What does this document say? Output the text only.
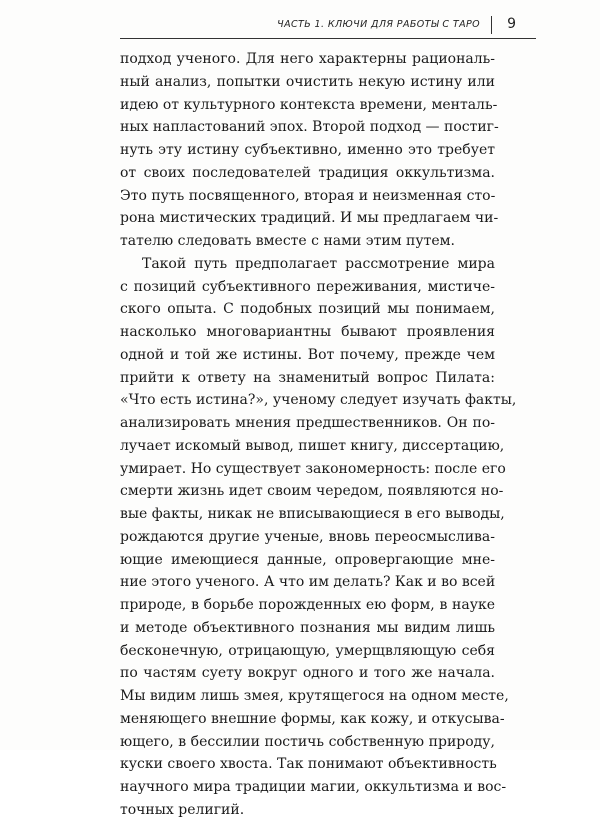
ЧАСТЬ 1. КЛЮЧИ ДЛЯ РАБОТЫ С ТАРО 9
подход ученого. Для него характерны рациональ-
ный анализ, попытки очистить некую истину или
идею от культурного контекста времени, менталь-
ных напластований эпох. Второй подход — постиг-
нуть эту истину субъективно, именно это требует
от своих последователей традиция оккультизма.
Это путь посвященного, вторая и неизменная сто-
рона мистических традиций. И мы предлагаем чи-
тателю следовать вместе с нами этим путем.
Такой путь предполагает рассмотрение мира
с позиций субъективного переживания, мистиче-
ского опыта. С подобных позиций мы понимаем,
насколько многовариантны бывают проявления
одной и той же истины. Вот почему, прежде чем
прийти к ответу на знаменитый вопрос Пилата:
«Что есть истина?», ученому следует изучать факты,
анализировать мнения предшественников. Он по-
лучает искомый вывод, пишет книгу, диссертацию,
умирает. Но существует закономерность: после его
смерти жизнь идет своим чередом, появляются но-
вые факты, никак не вписывающиеся в его выводы,
рождаются другие ученые, вновь переосмыслива-
ющие имеющиеся данные, опровергающие мне-
ние этого ученого. А что им делать? Как и во всей
природе, в борьбе порожденных ею форм, в науке
и методе объективного познания мы видим лишь
бесконечную, отрицающую, умерщвляющую себя
по частям суету вокруг одного и того же начала.
Мы видим лишь змея, крутящегося на одном месте,
меняющего внешние формы, как кожу, и откусыва-
ющего, в бессилии постичь собственную природу,
куски своего хвоста. Так понимают объективность
научного мира традиции магии, оккультизма и вос-
точных религий.
